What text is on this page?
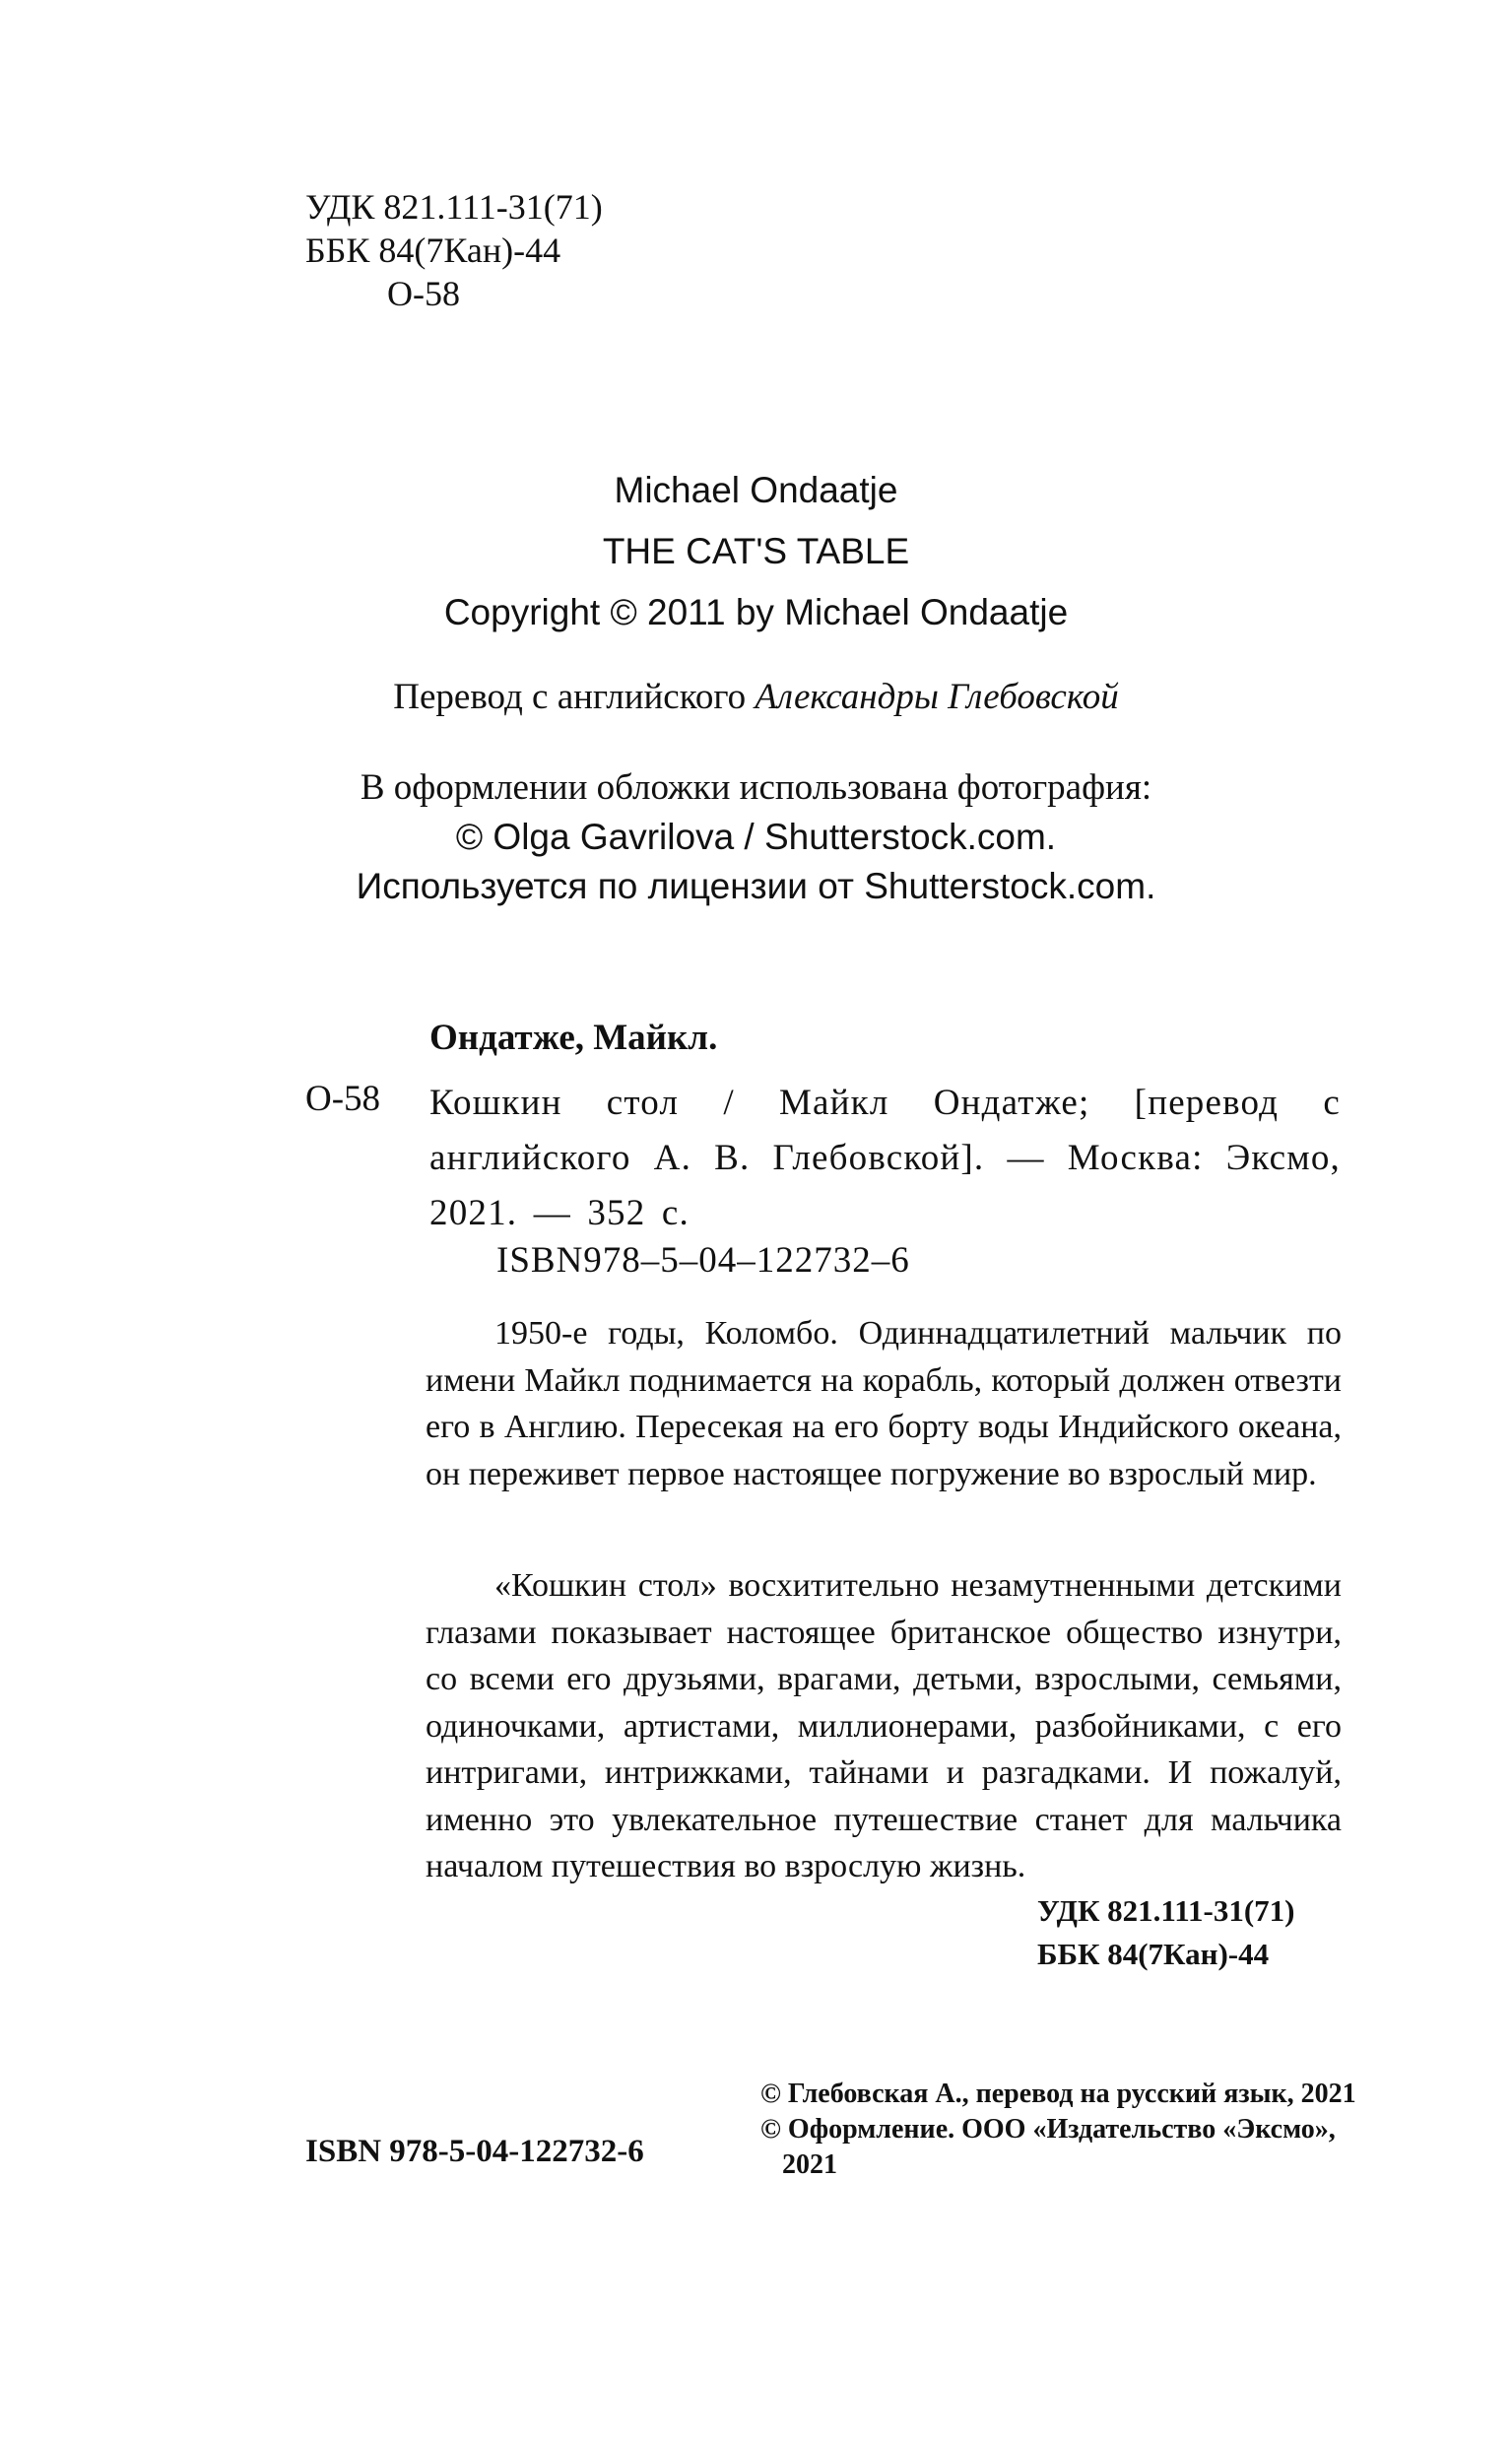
УДК 821.111-31(71)
ББК 84(7Кан)-44
О-58
Michael Ondaatje
THE CAT'S TABLE
Copyright © 2011 by Michael Ondaatje
Перевод с английского Александры Глебовской
В оформлении обложки использована фотография:
© Olga Gavrilova / Shutterstock.com.
Используется по лицензии от Shutterstock.com.
Ондатже, Майкл.
О-58 Кошкин стол / Майкл Ондатже; [перевод с английского А. В. Глебовской]. — Москва: Эксмо, 2021. — 352 с.
ISBN978–5–04–122732–6

1950-е годы, Коломбо. Одиннадцатилетний мальчик по имени Майкл поднимается на корабль, который должен отвезти его в Англию. Пересекая на его борту воды Индийского океана, он переживет первое настоящее погружение во взрослый мир.

«Кошкин стол» восхитительно незамутненными детскими глазами показывает настоящее британское общество изнутри, со всеми его друзьями, врагами, детьми, взрослыми, семьями, одиночками, артистами, миллионерами, разбойниками, с его интригами, интрижками, тайнами и разгадками. И пожалуй, именно это увлекательное путешествие станет для мальчика началом путешествия во взрослую жизнь.

УДК 821.111-31(71)
ББК 84(7Кан)-44
ISBN 978-5-04-122732-6
© Глебовская А., перевод на русский язык, 2021
© Оформление. ООО «Издательство «Эксмо»,
2021
